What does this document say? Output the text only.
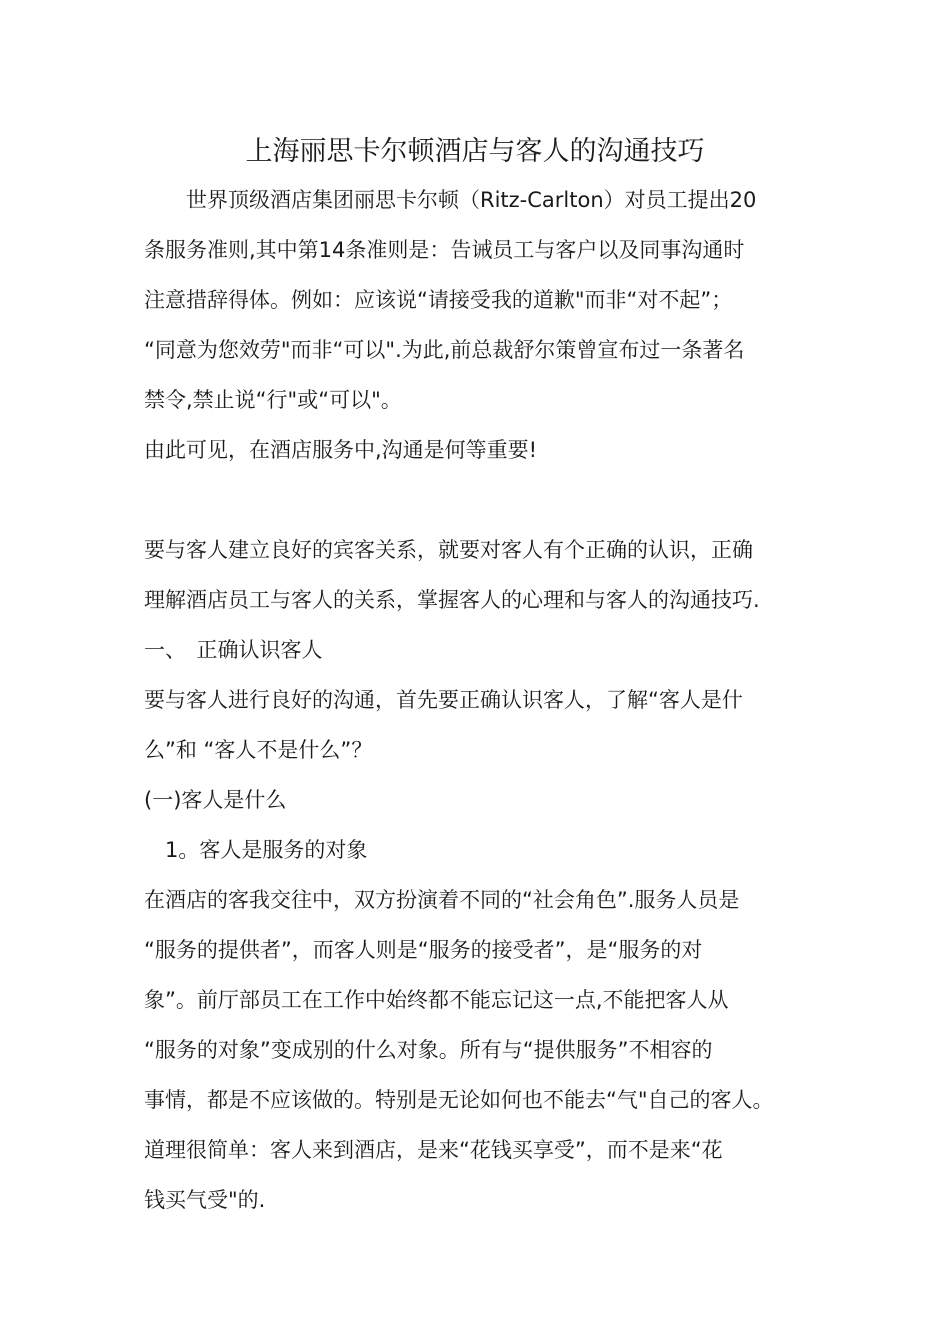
上海丽思卡尔顿酒店与客人的沟通技巧

　　世界顶级酒店集团丽思卡尔顿（Ritz-Carlton）对员工提出20

条服务准则,其中第14条准则是：告诫员工与客户以及同事沟通时

注意措辞得体。例如：应该说“请接受我的道歉"而非“对不起”；

“同意为您效劳"而非“可以".为此,前总裁舒尔策曾宣布过一条著名

禁令,禁止说“行"或“可以"。

由此可见，在酒店服务中,沟通是何等重要!

要与客人建立良好的宾客关系，就要对客人有个正确的认识，正确

理解酒店员工与客人的关系，掌握客人的心理和与客人的沟通技巧.

一、　正确认识客人

要与客人进行良好的沟通，首先要正确认识客人，了解“客人是什

么”和 “客人不是什么”？

(一)客人是什么

　1。客人是服务的对象

在酒店的客我交往中，双方扮演着不同的“社会角色”.服务人员是

“服务的提供者”，而客人则是“服务的接受者”，是“服务的对

象”。前厅部员工在工作中始终都不能忘记这一点,不能把客人从

“服务的对象”变成别的什么对象。所有与“提供服务”不相容的

事情，都是不应该做的。特别是无论如何也不能去“气"自己的客人。

道理很简单：客人来到酒店，是来“花钱买享受”，而不是来“花

钱买气受"的.
